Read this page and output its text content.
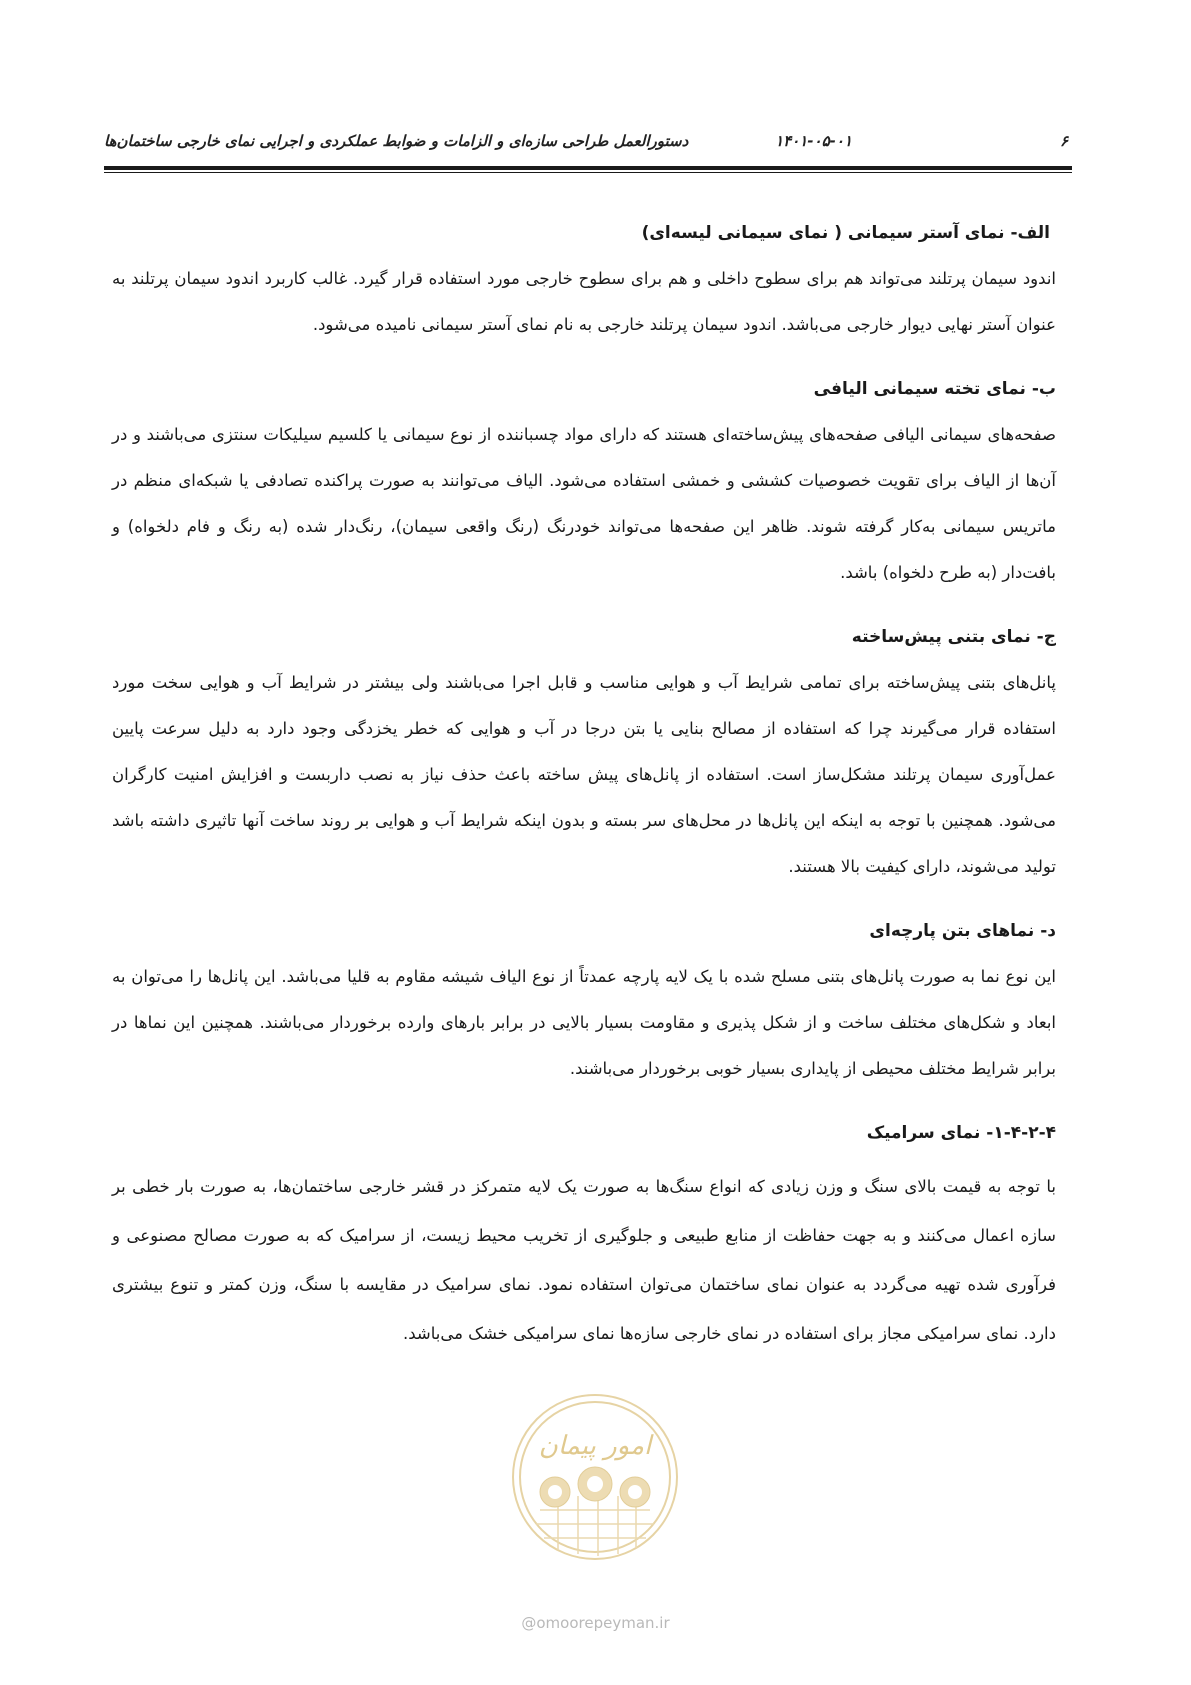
۶
۱۴۰۱-۰۵-۰۱
دستورالعمل طراحی سازه‌ای و الزامات و ضوابط عملکردی و اجرایی نمای خارجی ساختمان‌ها
الف- نمای آستر سیمانی ( نمای سیمانی لیسه‌ای)

اندود سیمان پرتلند می‌تواند هم برای سطوح داخلی و هم برای سطوح خارجی مورد استفاده قرار گیرد. غالب کاربرد اندود سیمان پرتلند به عنوان آستر نهایی دیوار خارجی می‌باشد. اندود سیمان پرتلند خارجی به نام نمای آستر سیمانی نامیده می‌شود.

ب- نمای تخته سیمانی الیافی

صفحه‌های سیمانی الیافی صفحه‌های پیش‌ساخته‌ای هستند که دارای مواد چسباننده از نوع سیمانی یا کلسیم سیلیکات سنتزی می‌باشند و در آن‌ها از الیاف برای تقویت خصوصیات کششی و خمشی استفاده می‌شود. الیاف می‌توانند به صورت پراکنده تصادفی یا شبکه‌ای منظم در ماتریس سیمانی به‌کار گرفته شوند. ظاهر این صفحه‌ها می‌تواند خودرنگ (رنگ واقعی سیمان)، رنگ‌دار شده (به رنگ و فام دلخواه) و بافت‌دار (به طرح دلخواه) باشد.

ج- نمای بتنی پیش‌ساخته

پانل‌های بتنی پیش‌ساخته برای تمامی شرایط آب و هوایی مناسب و قابل اجرا می‌باشند ولی بیشتر در شرایط آب و هوایی سخت مورد استفاده قرار می‌گیرند چرا که استفاده از مصالح بنایی یا بتن درجا در آب و هوایی که خطر یخزدگی وجود دارد به دلیل سرعت پایین عمل‌آوری سیمان پرتلند مشکل‌ساز است. استفاده از پانل‌های پیش ساخته باعث حذف نیاز به نصب داربست و افزایش امنیت کارگران می‌شود. همچنین با توجه به اینکه این پانل‌ها در محل‌های سر بسته و بدون اینکه شرایط آب و هوایی بر روند ساخت آنها تاثیری داشته باشد تولید می‌شوند، دارای کیفیت بالا هستند.

د- نماهای بتن پارچه‌ای

این نوع نما به صورت پانل‌های بتنی مسلح شده با یک لایه پارچه عمدتاً از نوع الیاف شیشه مقاوم به قلیا می‌باشد. این پانل‌ها را می‌توان به ابعاد و شکل‌های مختلف ساخت و از شکل پذیری و مقاومت بسیار بالایی در برابر بارهای وارده برخوردار می‌باشند. همچنین این نماها در برابر شرایط مختلف محیطی از پایداری بسیار خوبی برخوردار می‌باشند.

۱-۴-۲-۴- نمای سرامیک

با توجه به قیمت بالای سنگ و وزن زیادی که انواع سنگ‌ها به صورت یک لایه متمرکز در قشر خارجی ساختمان‌ها، به صورت بار خطی بر سازه اعمال می‌کنند و به جهت حفاظت از منابع طبیعی و جلوگیری از تخریب محیط زیست، از سرامیک که به صورت مصالح مصنوعی و فرآوری شده تهیه می‌گردد به عنوان نمای ساختمان می‌توان استفاده نمود. نمای سرامیک در مقایسه با سنگ، وزن کمتر و تنوع بیشتری دارد. نمای سرامیکی مجاز برای استفاده در نمای خارجی سازه‌ها نمای سرامیکی خشک می‌باشد.

امور پیمان
@omoorepeyman.ir
